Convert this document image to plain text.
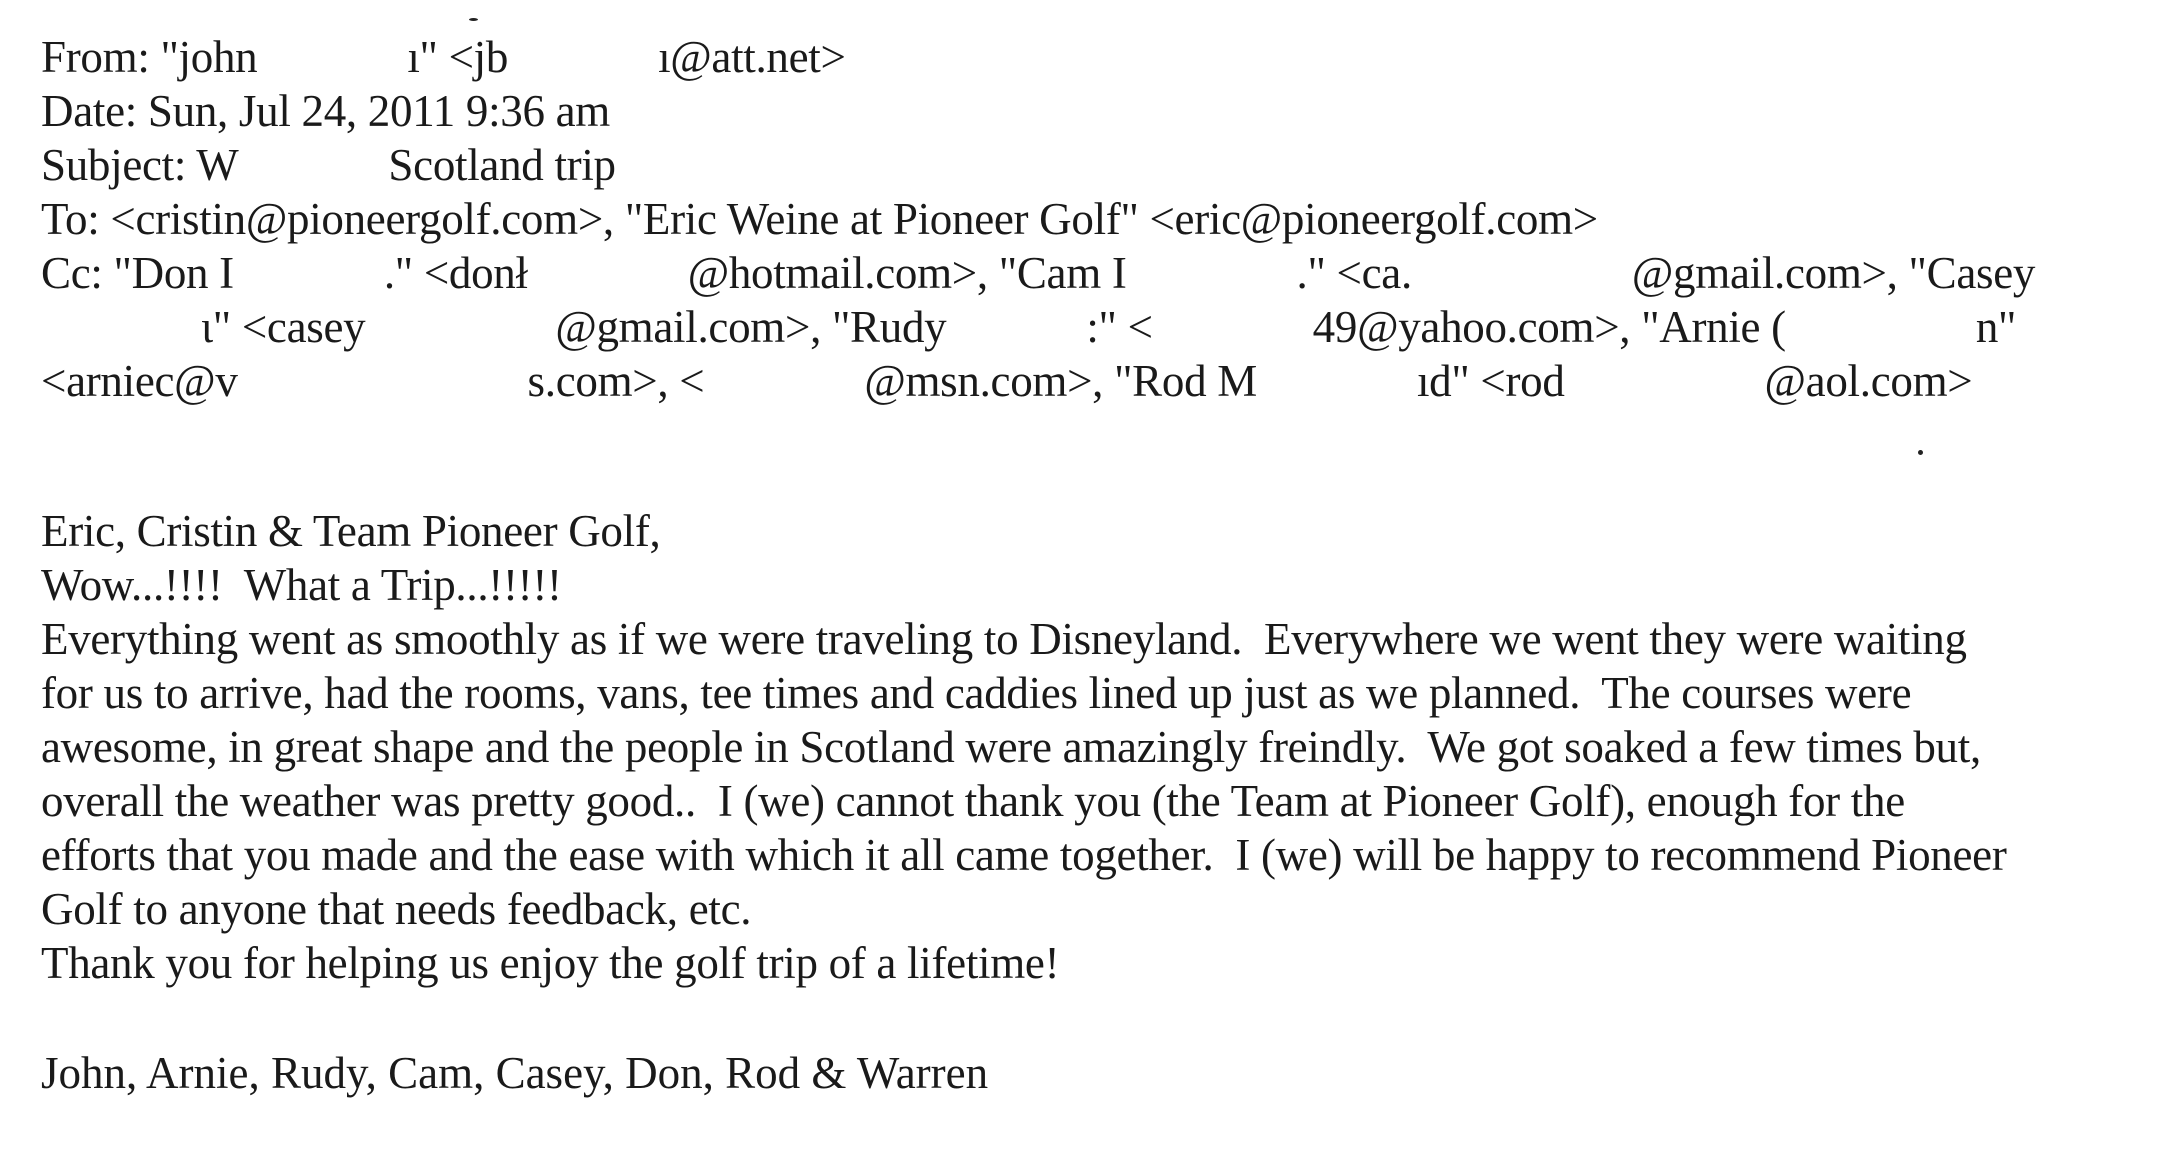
From: "john	ı" <jb	ı@att.net>
Date: Sun, Jul 24, 2011 9:36 am
Subject: W	Scotland trip
To: <cristin@pioneergolf.com>, "Eric Weine at Pioneer Golf" <eric@pioneergolf.com>
Cc: "Don I	." <donł	@hotmail.com>, "Cam I	." <ca.	@gmail.com>, "Casey
ι" <casey	@gmail.com>, "Rudy	:" <	49@yahoo.com>, "Arnie (	n"
<arniec@v	s.com>, <	@msn.com>, "Rod M	ıd" <rod	@aol.com>
Eric, Cristin & Team Pioneer Golf,
Wow...!!!!  What a Trip...!!!!!
Everything went as smoothly as if we were traveling to Disneyland.  Everywhere we went they were waiting
for us to arrive, had the rooms, vans, tee times and caddies lined up just as we planned.  The courses were
awesome, in great shape and the people in Scotland were amazingly freindly.  We got soaked a few times but,
overall the weather was pretty good..  I (we) cannot thank you (the Team at Pioneer Golf), enough for the
efforts that you made and the ease with which it all came together.  I (we) will be happy to recommend Pioneer
Golf to anyone that needs feedback, etc.
Thank you for helping us enjoy the golf trip of a lifetime!
John, Arnie, Rudy, Cam, Casey, Don, Rod & Warren
